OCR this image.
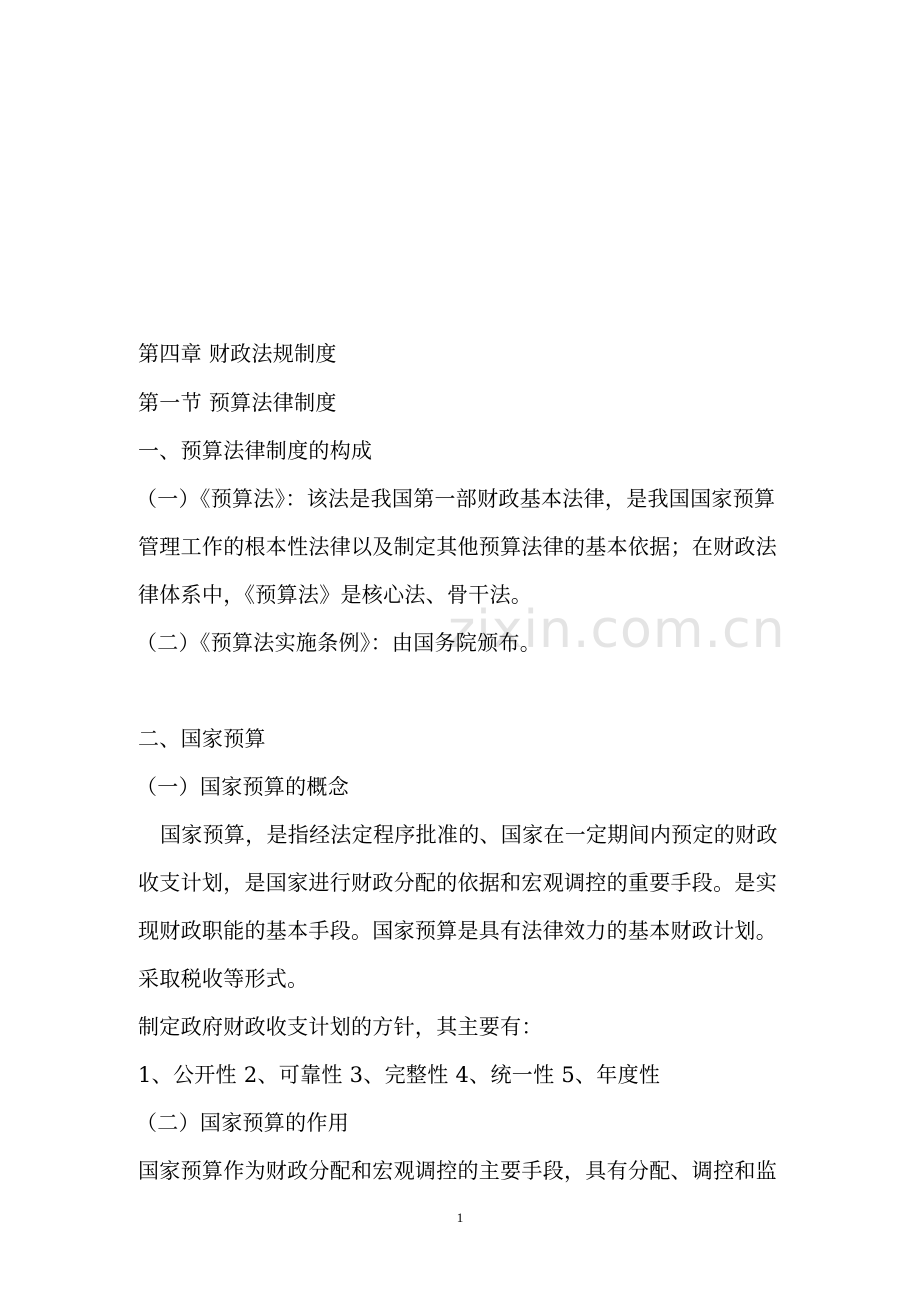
zixin.com.cn
第四章 财政法规制度
第一节 预算法律制度
一、预算法律制度的构成
（一）《预算法》：该法是我国第一部财政基本法律，是我国国家预算
管理工作的根本性法律以及制定其他预算法律的基本依据；在财政法
律体系中，《预算法》是核心法、骨干法。
（二）《预算法实施条例》：由国务院颁布。
二、国家预算
（一）国家预算的概念
国家预算，是指经法定程序批准的、国家在一定期间内预定的财政
收支计划，是国家进行财政分配的依据和宏观调控的重要手段。是实
现财政职能的基本手段。国家预算是具有法律效力的基本财政计划。
采取税收等形式。
制定政府财政收支计划的方针，其主要有：
1、公开性 2、可靠性 3、完整性 4、统一性 5、年度性
（二）国家预算的作用
国家预算作为财政分配和宏观调控的主要手段，具有分配、调控和监
1
